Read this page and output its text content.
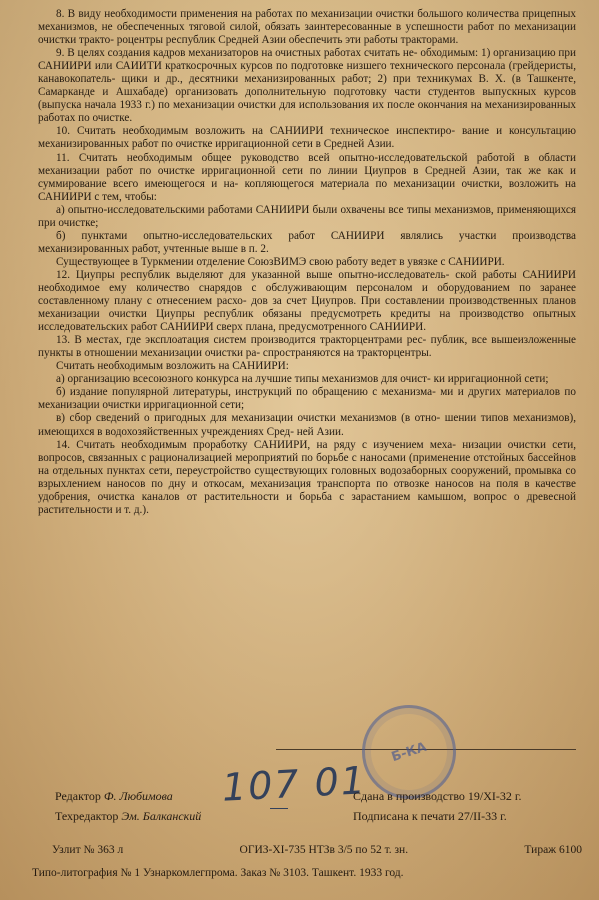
8. В виду необходимости применения на работах по механизации очистки большого количества прицепных механизмов, не обеспеченных тяговой силой, обязать заинтересованные в успешности работ по механизации очистки тракто- роцентры республик Средней Азии обеспечить эти работы тракторами.

9. В целях создания кадров механизаторов на очистных работах считать не- обходимым: 1) организацию при САНИИРИ или САИИТИ краткосрочных курсов по подготовке низшего технического персонала (грейдеристы, канавокопатель- щики и др., десятники механизированных работ; 2) при техникумах В. Х. (в Ташкенте, Самарканде и Ашхабаде) организовать дополнительную подготовку части студентов выпускных курсов (выпуска начала 1933 г.) по механизации очистки для использования их после окончания на механизированных работах по очистке.

10. Считать необходимым возложить на САНИИРИ техническое инспектиро- вание и консультацию механизированных работ по очистке ирригационной сети в Средней Азии.

11. Считать необходимым общее руководство всей опытно-исследовательской работой в области механизации работ по очистке ирригационной сети по линии Циупров в Средней Азии, так же как и суммирование всего имеющегося и на- копляющегося материала по механизации очистки, возложить на САНИИРИ с тем, чтобы:

а) опытно-исследовательскими работами САНИИРИ были охвачены все типы механизмов, применяющихся при очистке;

б) пунктами опытно-исследовательских работ САНИИРИ являлись участки производства механизированных работ, учтенные выше в п. 2.

Существующее в Туркмении отделение СоюзВИМЭ свою работу ведет в увязке с САНИИРИ.

12. Циупры республик выделяют для указанной выше опытно-исследователь- ской работы САНИИРИ необходимое ему количество снарядов с обслуживающим персоналом и оборудованием по заранее составленному плану с отнесением расхо- дов за счет Циупров. При составлении производственных планов механизации очистки Циупры республик обязаны предусмотреть кредиты на производство опытных исследовательских работ САНИИРИ сверх плана, предусмотренного САНИИРИ.

13. В местах, где эксплоатация систем производится тракторцентрами рес- публик, все вышеизложенные пункты в отношении механизации очистки ра- спространяются на тракторцентры.

Считать необходимым возложить на САНИИРИ:

а) организацию всесоюзного конкурса на лучшие типы механизмов для очист- ки ирригационной сети;

б) издание популярной литературы, инструкций по обращению с механизма- ми и других материалов по механизации очистки ирригационной сети;

в) сбор сведений о пригодных для механизации очистки механизмов (в отно- шении типов механизмов), имеющихся в водохозяйственных учреждениях Сред- ней Азии.

14. Считать необходимым проработку САНИИРИ, на ряду с изучением меха- низации очистки сети, вопросов, связанных с рационализацией мероприятий по борьбе с наносами (применение отстойных бассейнов на отдельных пунктах сети, переустройство существующих головных водозаборных сооружений, промывка со взрыхлением наносов по дну и откосам, механизация транспорта по отвозке наносов на поля в качестве удобрения, очистка каналов от растительности и борьба с зарастанием камышом, вопрос о древесной растительности и т. д.).

Б-КА
107 01
Редактор Ф. Любимова
Техредактор Эм. Балканский
Сдана в производство 19/XI-32 г.
Подписана к печати 27/II-33 г.
Узлит № 363 л	ОГИЗ-XI-735 НТЗв 3/5 по 52 т. зн.	Тираж 6100
Типо-литография № 1 Узнаркомлегпрома. Заказ № 3103. Ташкент. 1933 год.
